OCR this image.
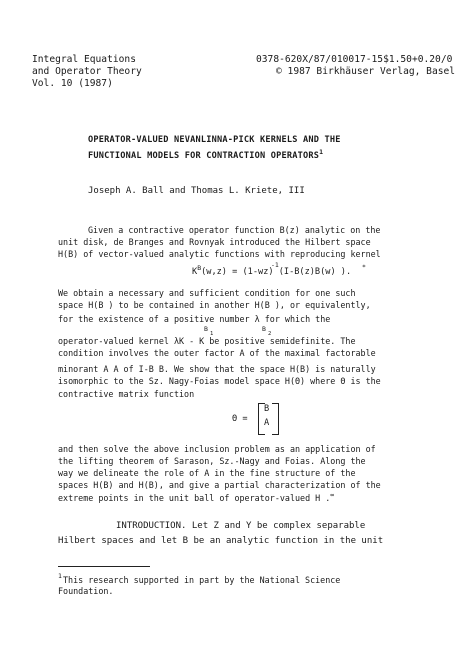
Integral Equations
and Operator Theory
Vol. 10 (1987)
0378-620X/87/010017-15$1.50+0.20/0
© 1987 Birkhäuser Verlag, Basel
OPERATOR-VALUED NEVANLINNA-PICK KERNELS AND THE
FUNCTIONAL MODELS FOR CONTRACTION OPERATORS$^1$
Joseph A. Ball and Thomas L. Kriete, III
Given a contractive operator function B(z) analytic on the
unit disk, de Branges and Rovnyak introduced the Hilbert space
H(B) of vector-valued analytic functions with reproducing kernel
$K^B(w,z) = (1-wz)$ (I-B(z)B(w) ).
-1	*
We obtain a necessary and sufficient condition for one such
space H(B ) to be contained in another H(B ), or equivalently,
for the existence of a positive number λ for which the
B	B
1	2
operator-valued kernel λK - K be positive semidefinite. The
condition involves the outer factor A of the maximal factorable
minorant A A of I-B B. We show that the space H(B) is naturally
isomorphic to the Sz. Nagy-Foias model space H(Θ) where Θ is the
contractive matrix function
Θ =
B
A
and then solve the above inclusion problem as an application of
the lifting theorem of Sarason, Sz.-Nagy and Foias. Along the
way we delineate the role of A in the fine structure of the
spaces H(B) and H(B), and give a partial characterization of the
extreme points in the unit ball of operator-valued H .∞
INTRODUCTION. Let Z and Y be complex separable
Hilbert spaces and let B be an analytic function in the unit
1 This research supported in part by the National Science
Foundation.
